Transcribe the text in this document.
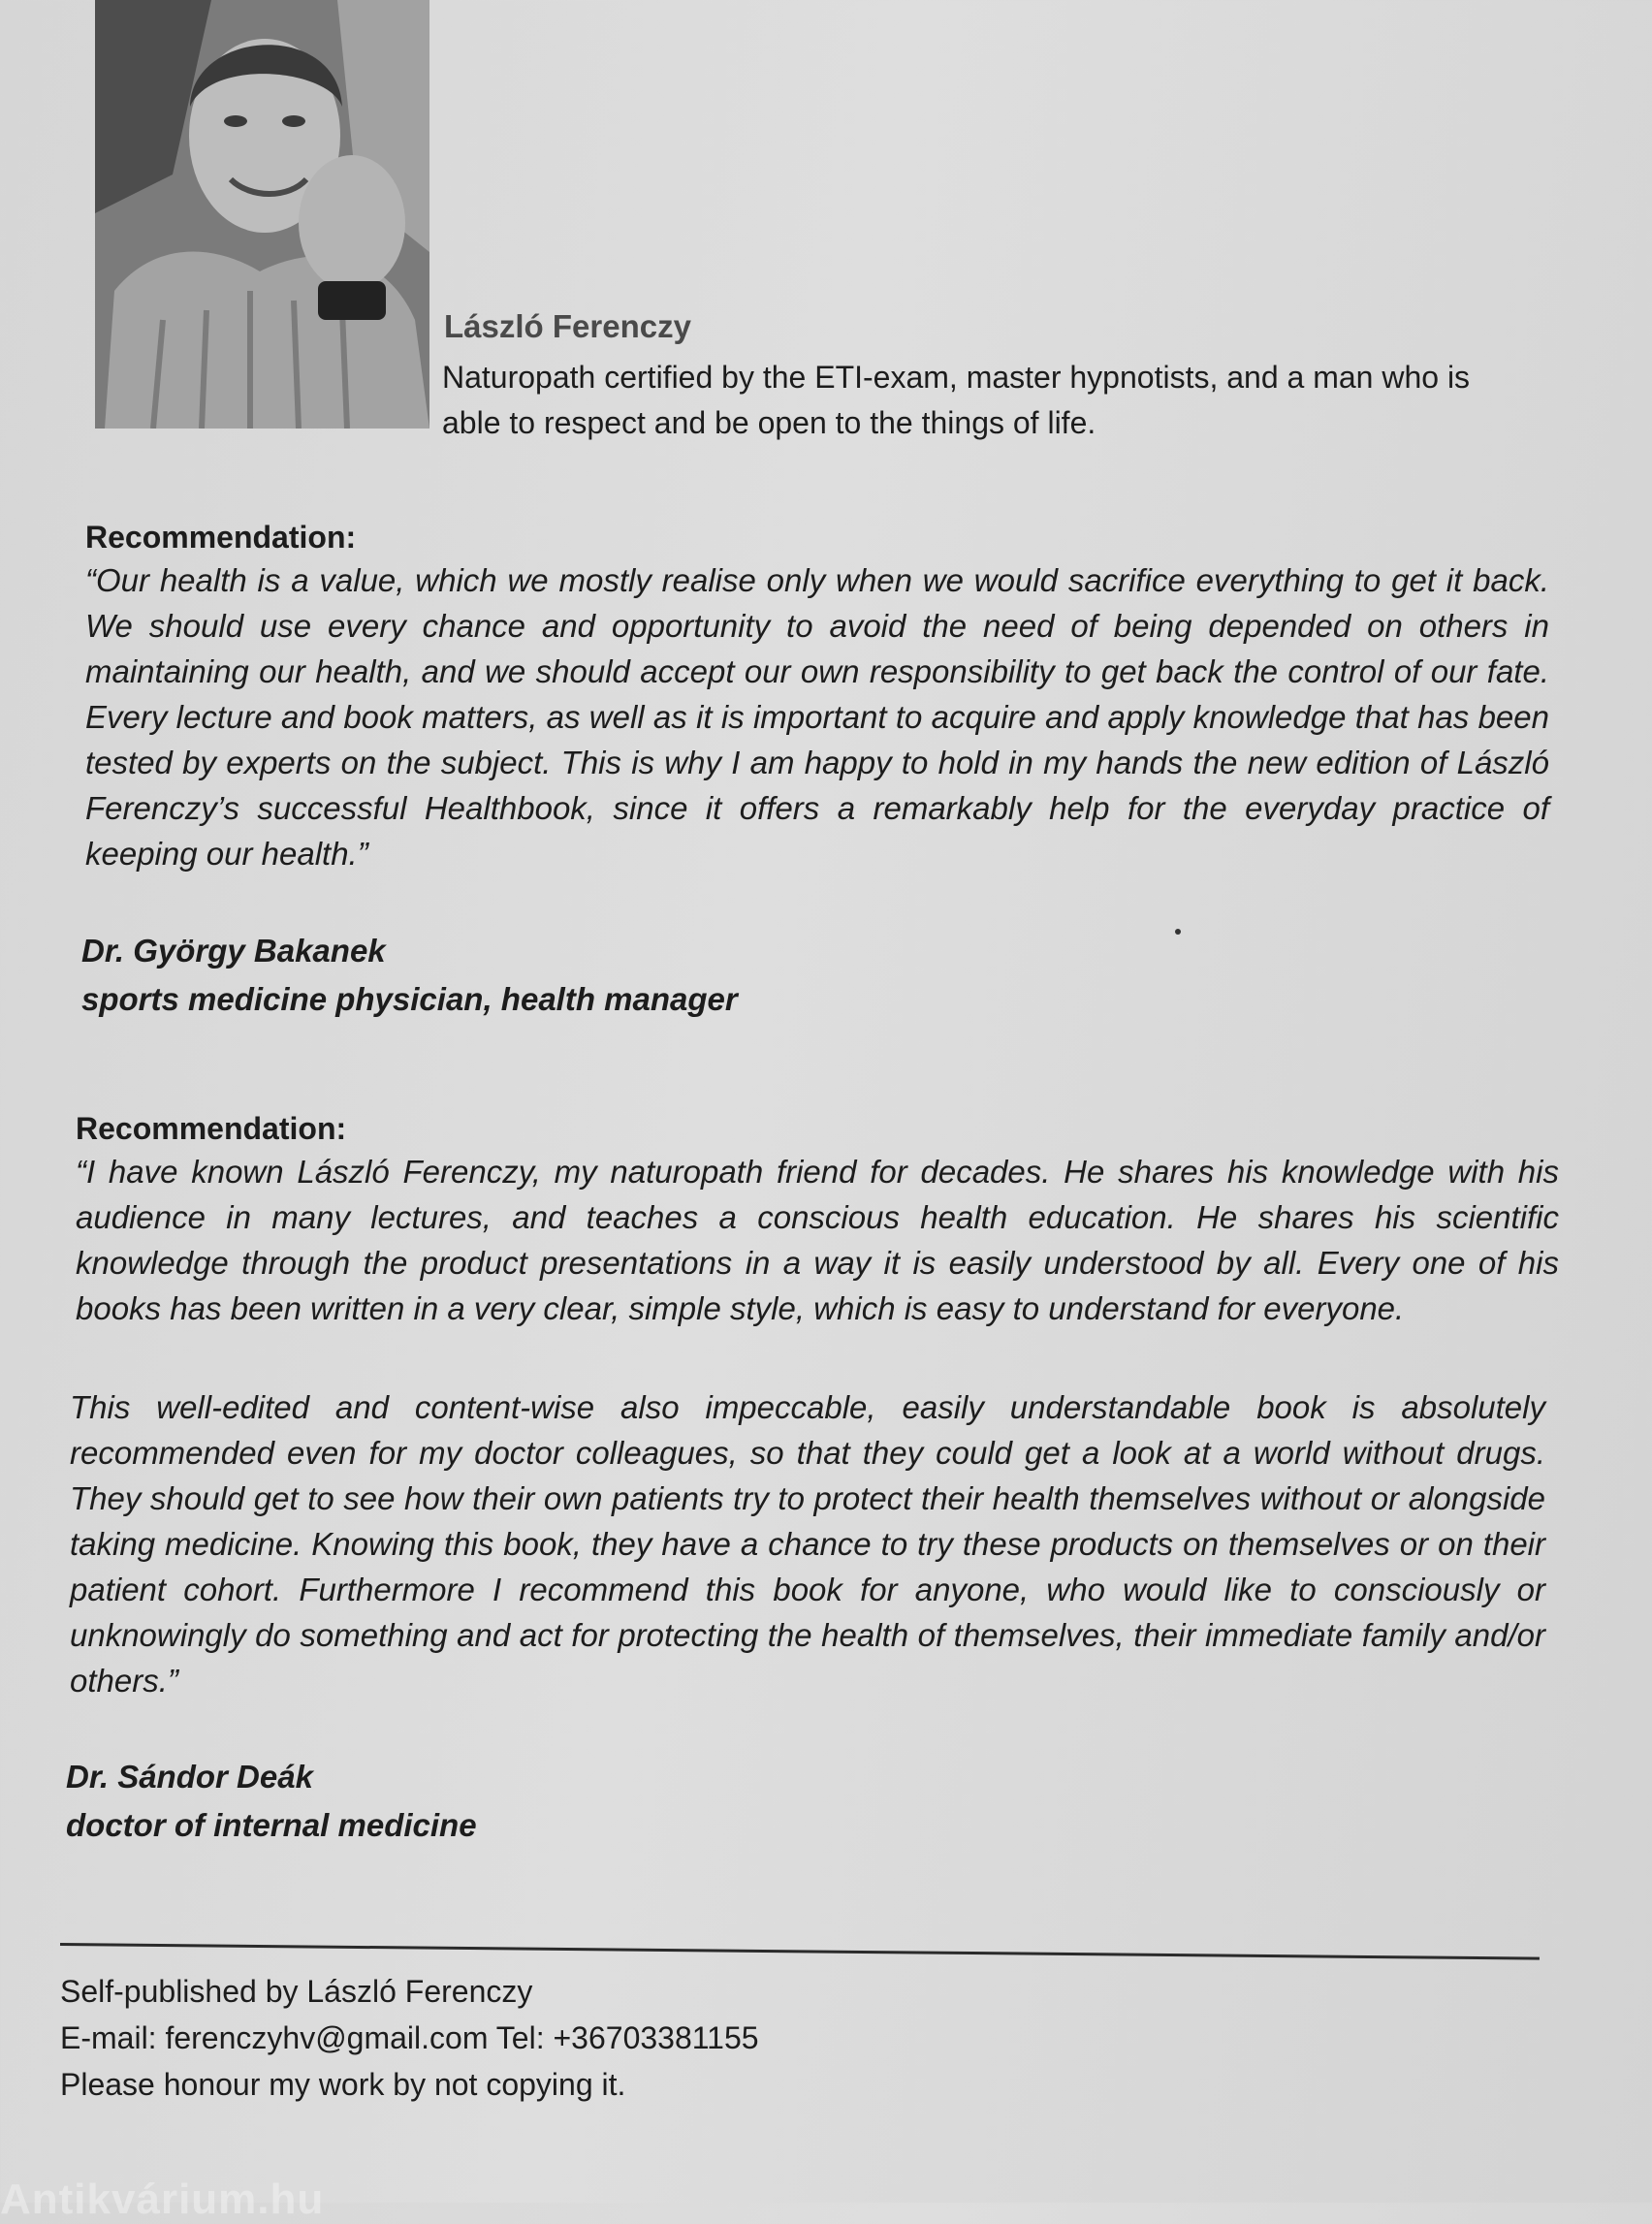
László Ferenczy
Naturopath certified by the ETI-exam, master hypnotists, and a man who is able to respect and be open to the things of life.

Recommendation:

“Our health is a value, which we mostly realise only when we would sacrifice everything to get it back. We should use every chance and opportunity to avoid the need of being depended on others in maintaining our health, and we should accept our own responsibility to get back the control of our fate. Every lecture and book matters, as well as it is important to acquire and apply knowledge that has been tested by experts on the subject. This is why I am happy to hold in my hands the new edition of László Ferenczy’s successful Healthbook, since it offers a remarkably help for the everyday practice of keeping our health.”

Dr. György Bakanek
sports medicine physician, health manager

Recommendation:

“I have known László Ferenczy, my naturopath friend for decades. He shares his knowledge with his audience in many lectures, and teaches a conscious health education. He shares his scientific knowledge through the product presentations in a way it is easily understood by all. Every one of his books has been written in a very clear, simple style, which is easy to understand for everyone.

This well-edited and content-wise also impeccable, easily understandable book is absolutely recommended even for my doctor colleagues, so that they could get a look at a world without drugs. They should get to see how their own patients try to protect their health themselves without or alongside taking medicine. Knowing this book, they have a chance to try these products on themselves or on their patient cohort. Furthermore I recommend this book for anyone, who would like to consciously or unknowingly do something and act for protecting the health of themselves, their immediate family and/or others.”

Dr. Sándor Deák
doctor of internal medicine
Self-published by László Ferenczy
E-mail: ferenczyhv@gmail.com Tel: +36703381155
Please honour my work by not copying it.
Antikvárium.hu
